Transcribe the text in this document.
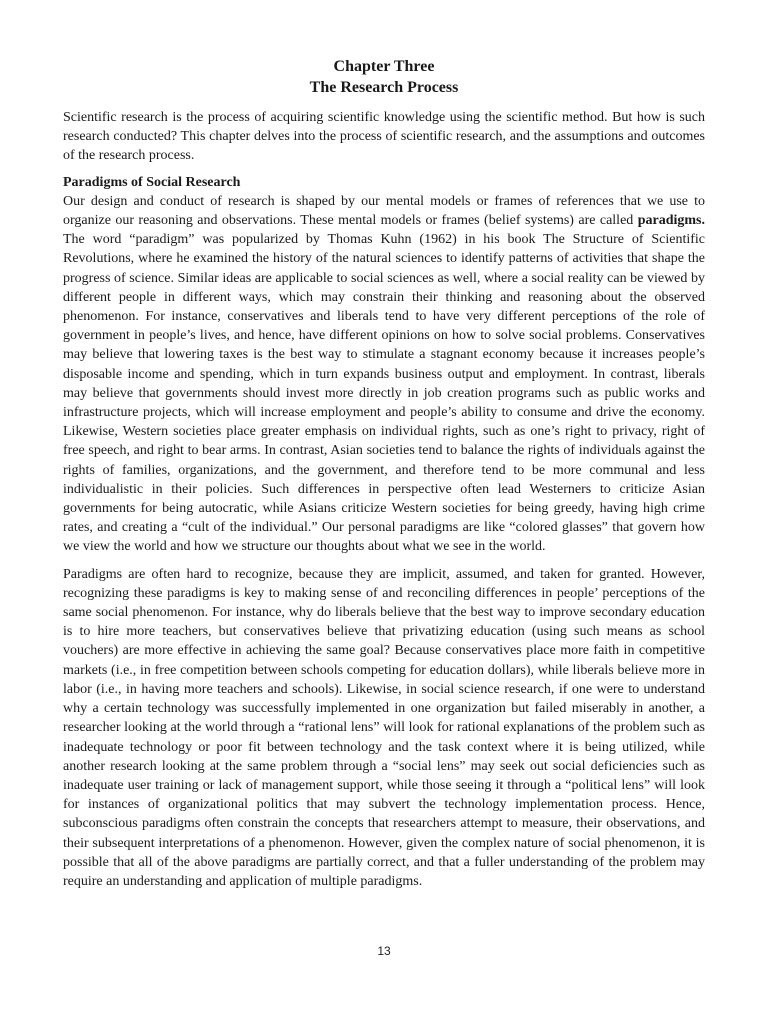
Chapter Three
The Research Process

Scientific research is the process of acquiring scientific knowledge using the scientific method. But how is such research conducted? This chapter delves into the process of scientific research, and the assumptions and outcomes of the research process.

Paradigms of Social Research

Our design and conduct of research is shaped by our mental models or frames of references that we use to organize our reasoning and observations. These mental models or frames (belief systems) are called paradigms. The word “paradigm” was popularized by Thomas Kuhn (1962) in his book The Structure of Scientific Revolutions, where he examined the history of the natural sciences to identify patterns of activities that shape the progress of science. Similar ideas are applicable to social sciences as well, where a social reality can be viewed by different people in different ways, which may constrain their thinking and reasoning about the observed phenomenon. For instance, conservatives and liberals tend to have very different perceptions of the role of government in people’s lives, and hence, have different opinions on how to solve social problems. Conservatives may believe that lowering taxes is the best way to stimulate a stagnant economy because it increases people’s disposable income and spending, which in turn expands business output and employment. In contrast, liberals may believe that governments should invest more directly in job creation programs such as public works and infrastructure projects, which will increase employment and people’s ability to consume and drive the economy. Likewise, Western societies place greater emphasis on individual rights, such as one’s right to privacy, right of free speech, and right to bear arms. In contrast, Asian societies tend to balance the rights of individuals against the rights of families, organizations, and the government, and therefore tend to be more communal and less individualistic in their policies. Such differences in perspective often lead Westerners to criticize Asian governments for being autocratic, while Asians criticize Western societies for being greedy, having high crime rates, and creating a “cult of the individual.” Our personal paradigms are like “colored glasses” that govern how we view the world and how we structure our thoughts about what we see in the world.

Paradigms are often hard to recognize, because they are implicit, assumed, and taken for granted. However, recognizing these paradigms is key to making sense of and reconciling differences in people’ perceptions of the same social phenomenon. For instance, why do liberals believe that the best way to improve secondary education is to hire more teachers, but conservatives believe that privatizing education (using such means as school vouchers) are more effective in achieving the same goal? Because conservatives place more faith in competitive markets (i.e., in free competition between schools competing for education dollars), while liberals believe more in labor (i.e., in having more teachers and schools). Likewise, in social science research, if one were to understand why a certain technology was successfully implemented in one organization but failed miserably in another, a researcher looking at the world through a “rational lens” will look for rational explanations of the problem such as inadequate technology or poor fit between technology and the task context where it is being utilized, while another research looking at the same problem through a “social lens” may seek out social deficiencies such as inadequate user training or lack of management support, while those seeing it through a “political lens” will look for instances of organizational politics that may subvert the technology implementation process. Hence, subconscious paradigms often constrain the concepts that researchers attempt to measure, their observations, and their subsequent interpretations of a phenomenon. However, given the complex nature of social phenomenon, it is possible that all of the above paradigms are partially correct, and that a fuller understanding of the problem may require an understanding and application of multiple paradigms.

13
